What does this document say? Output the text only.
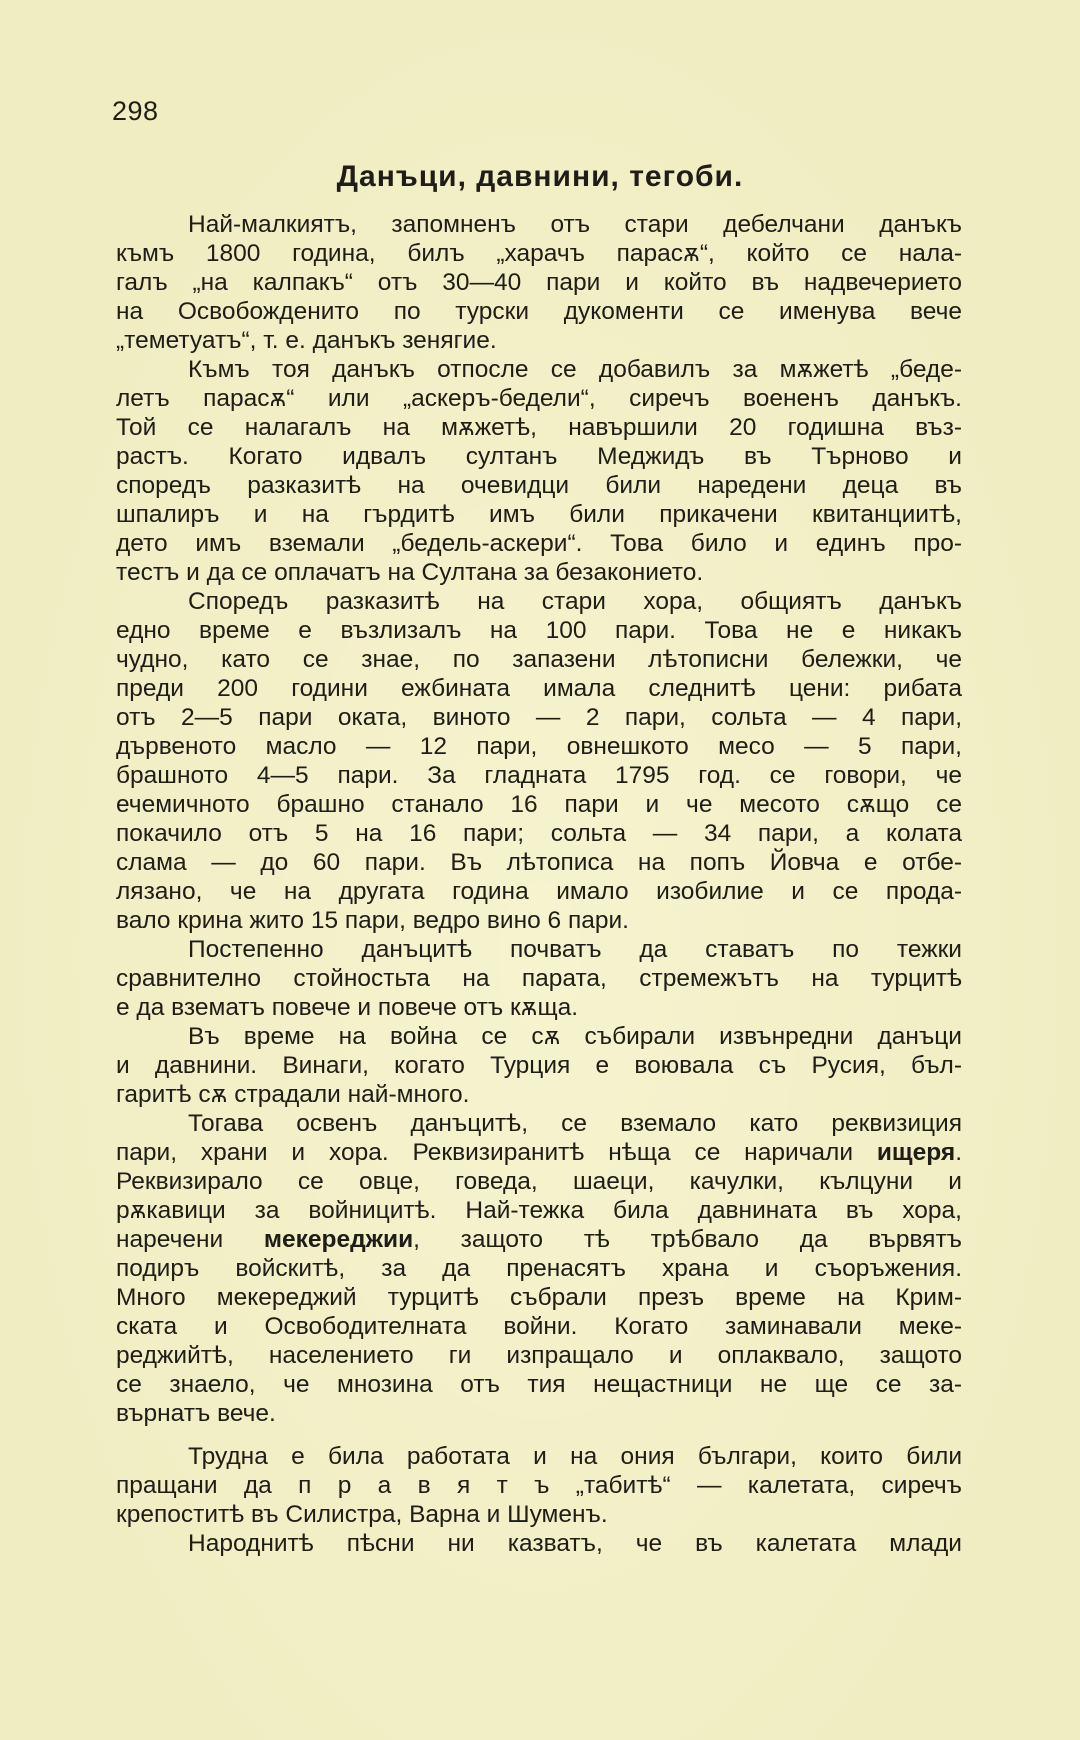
298
Данъци, давнини, тегоби.
Най-малкиятъ, запомненъ отъ стари дебелчани данъкъ
къмъ 1800 година, билъ „харачъ парасѫ“, който се нала-
галъ „на калпакъ“ отъ 30—40 пари и който въ надвечерието
на Освобожденито по турски дукоменти се именува вече
„теметуатъ“, т. е. данъкъ зенягие.
Къмъ тоя данъкъ отпосле се добавилъ за мѫжетѣ „беде-
летъ парасѫ“ или „аскеръ-бедели“, сиречъ военeнъ данъкъ.
Той се налагалъ на мѫжетѣ, навършили 20 годишна въз-
растъ. Когато идвалъ султанъ Меджидъ въ Търново и
споредъ разказитѣ на очевидци били наредени деца въ
шпалиръ и на гърдитѣ имъ били прикачени квитанциитѣ,
дето имъ вземали „бедель-аскери“. Това било и единъ про-
тестъ и да се оплачатъ на Султана за безаконието.
Споредъ разказитѣ на стари хора, общиятъ данъкъ
едно време е възлизалъ на 100 пари. Това не е никакъ
чудно, като се знае, по запазени лѣтописни бележки, че
преди 200 години ежбината имала следнитѣ цени: рибата
отъ 2—5 пари оката, виното — 2 пари, сольта — 4 пари,
дървеното масло — 12 пари, овнешкото месо — 5 пари,
брашното 4—5 пари. За гладната 1795 год. се говори, че
ечемичното брашно станало 16 пари и че месото сѫщо се
покачило отъ 5 на 16 пари; сольта — 34 пари, а колата
слама — до 60 пари. Въ лѣтописа на попъ Йовча е отбе-
лязано, че на другата година имало изобилие и се прода-
вало крина жито 15 пари, ведро вино 6 пари.
Постепенно данъцитѣ почватъ да ставатъ по тежки
сравнително стойностьта на парата, стремежътъ на турцитѣ
е да взематъ повече и повече отъ кѫща.
Въ време на война се сѫ събирали извънредни данъци
и давнини. Винаги, когато Турция е воювала съ Русия, бъл-
гаритѣ сѫ страдали най-много.
Тогава освенъ данъцитѣ, се вземало като реквизиция
пари, храни и хора. Реквизиранитѣ нѣща се наричали ищеря.
Реквизирало се овце, говеда, шаеци, качулки, кълцуни и
рѫкавици за войницитѣ. Най-тежка била давнината въ хора,
наречени мекереджии, защото тѣ трѣбвало да вървятъ
подиръ войскитѣ, за да пренасятъ храна и съоръжения.
Много мекереджий турцитѣ събрали презъ време на Крим-
ската и Освободителната войни. Когато заминавали меке-
реджийтѣ, населението ги изпращало и оплаквало, защото
се знаело, че мнозина отъ тия нещастници не ще се за-
върнатъ вече.
Трудна е била работата и на ония българи, които били
пращани да п р а в я т ъ „табитѣ“ — калетата, сиречъ
крепоститѣ въ Силистра, Варна и Шуменъ.
Народнитѣ пѣсни ни казватъ, че въ калетата млади
